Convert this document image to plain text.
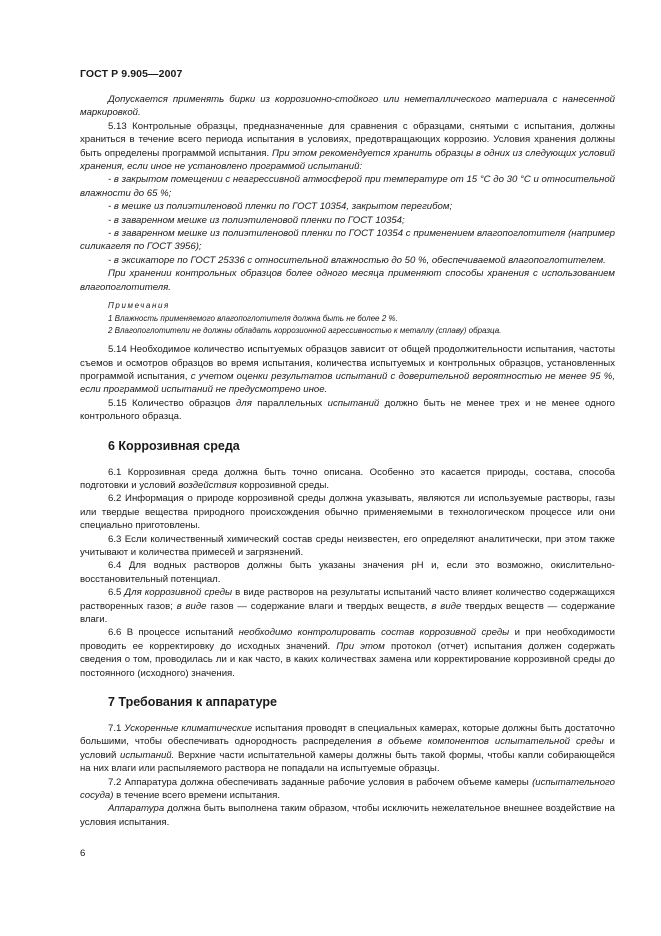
ГОСТ Р 9.905—2007

Допускается применять бирки из коррозионно-стойкого или неметаллического материала с нанесенной маркировкой.

5.13 Контрольные образцы, предназначенные для сравнения с образцами, снятыми с испытания, должны храниться в течение всего периода испытания в условиях, предотвращающих коррозию. Условия хранения должны быть определены программой испытания. При этом рекомендуется хранить образцы в одних из следующих условий хранения, если иное не установлено программой испытаний:

- в закрытом помещении с неагрессивной атмосферой при температуре от 15 °С до 30 °С и относительной влажности до 65 %;

- в мешке из полиэтиленовой пленки по ГОСТ 10354, закрытом перегибом;

- в заваренном мешке из полиэтиленовой пленки по ГОСТ 10354;

- в заваренном мешке из полиэтиленовой пленки по ГОСТ 10354 с применением влагопоглотителя (например силикагеля по ГОСТ 3956);

- в эксикаторе по ГОСТ 25336 с относительной влажностью до 50 %, обеспечиваемой влагопоглотителем.

При хранении контрольных образцов более одного месяца применяют способы хранения с использованием влагопоглотителя.

Примечания

1 Влажность применяемого влагопоглотителя должна быть не более 2 %.

2 Влагопоглотители не должны обладать коррозионной агрессивностью к металлу (сплаву) образца.

5.14 Необходимое количество испытуемых образцов зависит от общей продолжительности испытания, частоты съемов и осмотров образцов во время испытания, количества испытуемых и контрольных образцов, установленных программой испытания, с учетом оценки результатов испытаний с доверительной вероятностью не менее 95 %, если программой испытаний не предусмотрено иное.

5.15 Количество образцов для параллельных испытаний должно быть не менее трех и не менее одного контрольного образца.

6 Коррозивная среда

6.1 Коррозивная среда должна быть точно описана. Особенно это касается природы, состава, способа подготовки и условий воздействия коррозивной среды.

6.2 Информация о природе коррозивной среды должна указывать, являются ли используемые растворы, газы или твердые вещества природного происхождения обычно применяемыми в технологическом процессе или они специально приготовлены.

6.3 Если количественный химический состав среды неизвестен, его определяют аналитически, при этом также учитывают и количества примесей и загрязнений.

6.4 Для водных растворов должны быть указаны значения рН и, если это возможно, окислительно-восстановительный потенциал.

6.5 Для коррозивной среды в виде растворов на результаты испытаний часто влияет количество содержащихся растворенных газов; в виде газов — содержание влаги и твердых веществ, в виде твердых веществ — содержание влаги.

6.6 В процессе испытаний необходимо контролировать состав коррозивной среды и при необходимости проводить ее корректировку до исходных значений. При этом протокол (отчет) испытания должен содержать сведения о том, проводилась ли и как часто, в каких количествах замена или корректирование коррозивной среды до постоянного (исходного) значения.

7 Требования к аппаратуре

7.1 Ускоренные климатические испытания проводят в специальных камерах, которые должны быть достаточно большими, чтобы обеспечивать однородность распределения в объеме компонентов испытательной среды и условий испытаний. Верхние части испытательной камеры должны быть такой формы, чтобы капли собирающейся на них влаги или распыляемого раствора не попадали на испытуемые образцы.

7.2 Аппаратура должна обеспечивать заданные рабочие условия в рабочем объеме камеры (испытательного сосуда) в течение всего времени испытания.

Аппаратура должна быть выполнена таким образом, чтобы исключить нежелательное внешнее воздействие на условия испытания.

6
